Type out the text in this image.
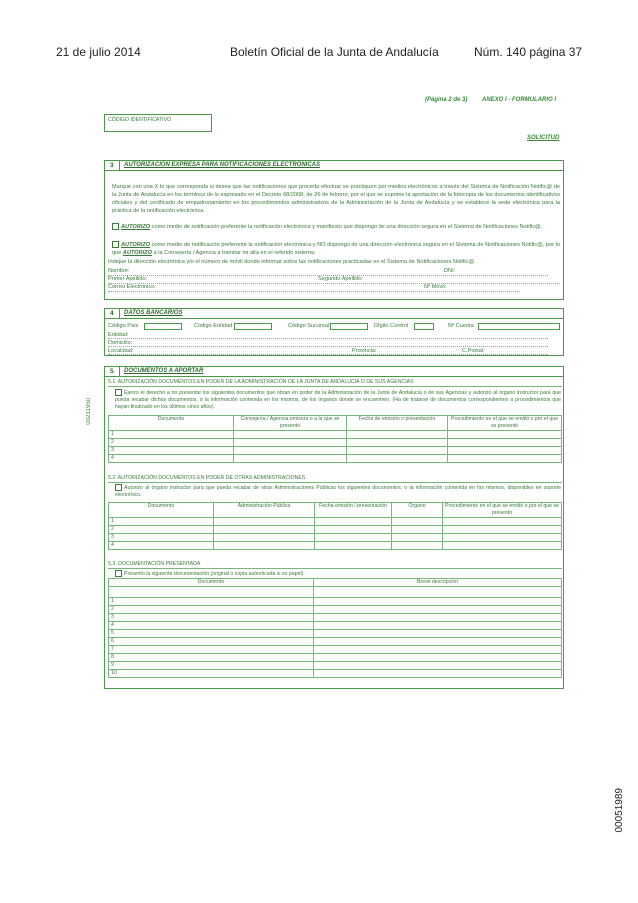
21 de julio 2014	Boletín Oficial de la Junta de Andalucía	Núm. 140 página 37
(Página 2 de 3) ANEXO I - FORMULARIO I
CÓDIGO IDENTIFICATIVO
SOLICITUD
3 AUTORIZACIÓN EXPRESA PARA NOTIFICACIONES ELECTRÓNICAS
Marque con una X lo que corresponda si desea que las notificaciones que proceda efectuar se practiquen por medios electrónicos a través del Sistema de Notificación Notific@ de la Junta de Andalucía en los términos de lo expresado en el Decreto 68/2008, de 26 de febrero, por el que se suprime la aportación de la fotocopia de los documentos identificativos oficiales y del certificado de empadronamiento en los procedimientos administrativos de la Administración de la Junta de Andalucía y se establece la sede electrónica para la práctica de la notificación electrónica.
AUTORIZO como medio de notificación preferente la notificación electrónica y manifiesto que dispongo de una dirección segura en el Sistema de Notificaciones Notific@.
AUTORIZO como medio de notificación preferente la notificación electrónica y NO dispongo de una dirección electrónica segura en el Sistema de Notificaciones Notific@, por lo que AUTORIZO a la Consejería / Agencia a tramitar mi alta en el referido sistema.
Indique la dirección electrónica y/o el número de móvil donde informar sobre las notificaciones practicadas en el Sistema de Notificaciones Notific@.
Nombre:	DNI:
Primer Apellido:	Segundo Apellido:
Correo Electrónico:	Nº Móvil:
4 DATOS BANCARIOS
Código País	Código Entidad	Código Sucursal	Dígito Control	Nº Cuenta
Entidad:
Domicilio:
Localidad:	Provincia:	C.Postal:
00231950
5 DOCUMENTOS A APORTAR
5.1. AUTORIZACIÓN DOCUMENTOS EN PODER DE LA ADMINISTRACIÓN DE LA JUNTA DE ANDALUCÍA O DE SUS AGENCIAS
Ejerzo el derecho a no presentar los siguientes documentos que obran en poder de la Administración de la Junta de Andalucía o de sus Agencias y autorizo al órgano instructor para que pueda recabar dichos documentos, o la información contenida en los mismos, de los órganos donde se encuentren. (Ha de tratarse de documentos correspondientes a procedimientos que hayan finalizado en los últimos cinco años).
Documento	Consejería / Agencia emisora o a la que se presentó	Fecha de emisión o presentación	Procedimiento en el que se emitió o por el que se presentó
1			
2			
3			
4			
5.2. AUTORIZACIÓN DOCUMENTOS EN PODER DE OTRAS ADMINISTRACIONES
Autorizo al órgano instructor para que pueda recabar de otras Administraciones Públicas los siguientes documentos, o la información contenida en los mismos, disponibles en soporte electrónico.
Documento	Administración Pública	Fecha emisión / presentación	Órgano	Procedimiento en el que se emitió o por el que se presentó
1				
2				
3				
4				
5.3. DOCUMENTACIÓN PRESENTADA
Presento la siguiente documentación (original o copia autenticada si es papel).
Documento	Breve descripción

1	
2	
3	
4	
5	
6	
7	
8	
9	
10	
00051989
